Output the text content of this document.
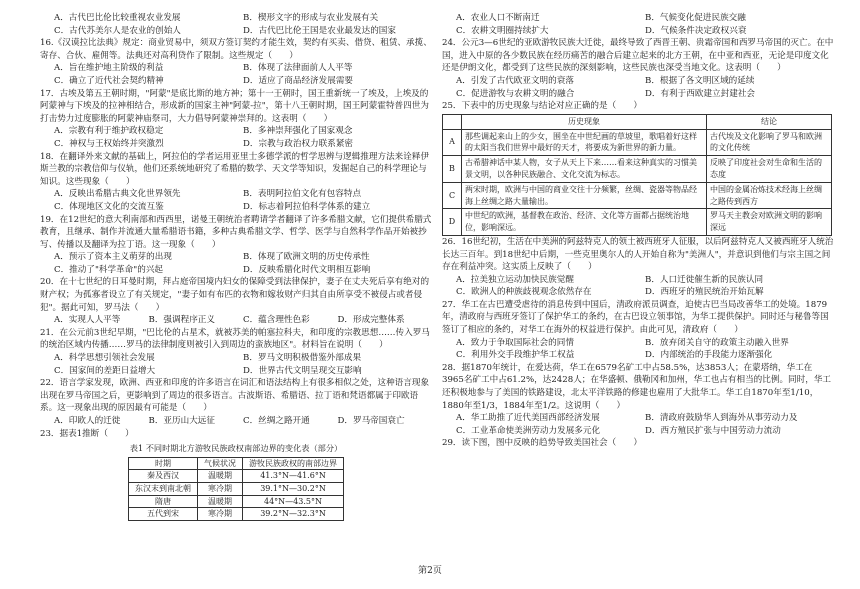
A．古代巴比伦比较重视农业发展	B．楔形文字的形成与农业发展有关
C．古代苏美尔人是农业的创始人	D．古代巴比伦王国是农业最发达的国家

16.《汉谟拉比法典》规定：商业贸易中，须双方签订契约才能生效，契约有买卖、借贷、租赁、承揽、寄存、合伙、雇佣等。法典还对高利贷作了限制。这些规定（　　）

A．旨在维护地主阶级的利益	B．体现了法律面前人人平等
C．确立了近代社会契约精神	D．适应了商品经济发展需要

17．古埃及第五王朝时期，"阿蒙"是底比斯的地方神；第十一王朝时，国王重新统一了埃及，上埃及的阿蒙神与下埃及的拉神相结合，形成新的国家主神"阿蒙-拉"，第十八王朝时期，国王阿蒙霍特普四世为打击势力过度膨胀的阿蒙神庙祭司，大力倡导阿蒙神崇拜的。这表明（　　）

A．宗教有利于维护政权稳定	B．多神崇拜强化了国家观念
C．神权与王权始终并突激烈	D．宗教与政治权力联系紧密

18．在翻译外来文献的基础上，阿拉伯的学者运用亚里士多德学派的哲学思辨与逻辑推理方法来诠释伊斯兰教的宗教信仰与仪轨，他们还系统地研究了希腊的数学、天文学等知识，发掘起自己的科学理论与知识。这些现象（　　）

A．反映出希腊古典文化世界领先	B．表明阿拉伯文化有包容特点
C．体现地区文化的交流互鉴	D．标志着阿拉伯科学体系的建立

19．在12世纪的意大利南部和西西里，诺曼王朝统治者聘请学者翻译了许多希腊文献，它们提供希腊式教育，且继承、制作并流通大量希腊语书籍，多种古典希腊文学、哲学、医学与自然科学作品开始被抄写、传播以及翻译为拉丁语。这一现象（　　）

A．预示了资本主义萌芽的出现	B．体现了欧洲文明的历史传承性
C．推动了"科学革命"的兴起	D．反映希腊化时代文明相互影响

20．在十七世纪的日耳曼时期，拜占庭帝国境内妇女的保障受到法律保护，妻子在丈夫死后享有绝对的财产权；为孤寡者设立了有关规定，"妻子如有布匹的衣物和嫁妆财产归其自由所享受不被侵占或者侵犯"。据此可知，罗马法（　　）

A．实现人人平等	B．强调程序正义	C．蕴含理性色彩	D．形成完整体系

21．在公元前3世纪早期，"巴比伦的占星术，就被苏美的帕塞拉科夫，和印度的宗教思想……传入罗马的统治区域内传播……罗马的法律制度则被引入到周边的蛮族地区"。材料旨在说明（　　）

A．科学思想引领社会发展	B．罗马文明积极借鉴外部成果
C．国家间的差距日益增大	D．世界古代文明呈现交互影响

22．语言学家发现，欧洲、西亚和印度的许多语言在词汇和语法结构上有很多相似之处，这种语言现象出现在罗马帝国之后，更影响到了周边的很多语言。古波斯语、希腊语、拉丁语和梵语都属于印欧语系。这一现象出现的原因最有可能是（　　）

A．印欧人的迁徙	B．亚历山大远征	C．丝绸之路开通	D．罗马帝国衰亡

23．据表1推断（　　）

表1 不同时期北方游牧民族政权南部边界的变化表（部分）
时期	气候状况	游牧民族政权的南部边界
秦及西汉	温暖期	41.3°N—41.6°N
东汉末到南北朝	寒冷期	39.1°N—30.2°N
隋唐	温暖期	44°N—43.5°N
五代到宋	寒冷期	39.2°N—32.3°N
A．农业人口不断南迁	B．气候变化促进民族交融
C．农耕文明圈持续扩大	D．气候条件决定政权兴衰

24．公元3—6世纪的亚欧游牧民族大迁徙，最终导致了西晋王朝、贵霜帝国和西罗马帝国的灭亡。在中国，进入中原的各少数民族在经历痛苦的融合后建立起来的北方王朝，在中亚和西亚，无论是印度文化还是伊朗文化，都受到了这些民族的深刻影响，这些民族也深受当地文化。这表明（　　）

A．引发了古代欧亚文明的衰落	B．根据了各文明区域的延续
C．促进游牧与农耕文明的融合	D．有利于西欧建立封建社会

25．下表中的历史现象与结论对应正确的是（　　）

	历史现象	结论
A	那些调起来山上的少女，围坐在中世纪画的草坡里，歌唱着好这样的太阳当我们世界中最好的天才，将要成为新世界的新力量。	古代埃及文化影响了罗马和欧洲的文化传统
B	古希腊神话中某人物，女子从天上下来……看来这种真实的习惯美景文明，以各种民族融合、文化交流为标志。	反映了印度社会对生命和生活的态度
C	两宋时期，欧洲与中国的商业交往十分频繁，丝绸、瓷器等物品经海上丝绸之路大量输出。	中国的金属冶炼技术经海上丝绸之路传到西方
D	中世纪的欧洲，基督教在政治、经济、文化等方面都占据统治地位，影响深远。	罗马天主教会对欧洲文明的影响深远

26．16世纪初，生活在中美洲的阿兹特克人的领土被西班牙人征服，以后阿兹特克人又被西班牙人统治长达三百年。到18世纪中后期，一些克里奥尔人的人开始自称为"美洲人"，并意识到他们与宗主国之间存在利益冲突。这实质上反映了（　　）

A．拉美独立运动加快民族觉醒	B．人口迁徙催生新的民族认同
C．欧洲人的种族歧视观念依然存在	D．西班牙的殖民统治开始瓦解

27．华工在古巴遭受虐待的消息传到中国后，清政府派员调查，迫使古巴当局改善华工的处境。1879年，清政府与西班牙签订了保护华工的条约，在古巴设立领事馆，为华工提供保护。同时还与秘鲁等国签订了相应的条约，对华工在海外的权益进行保护。由此可见，清政府（　　）

A．致力于争取国际社会的同情	B．放弃闭关自守的政策主动融入世界
C．利用外交手段维护华工权益	D．内部统治的手段能力逐渐强化

28．据1870年统计，在爱达荷，华工在6579名矿工中占58.5%，达3853人；在蒙塔纳，华工在3965名矿工中占61.2%，达2428人；在华盛顿、俄勒冈和加州，华工也占有相当的比例。同时，华工还积极地参与了美国的铁路建设，北太平洋铁路的修建也雇用了大批华工。华工自1870年至1/10，1880年至1/3，1884年至1/2。这说明（　　）

A．华工助推了近代美国西部经济发展	B．清政府鼓励华人到海外从事劳动力及
C．工业革命使美洲劳动力发展多元化	D．西方殖民扩张与中国劳动力流动

29．读下图，图中反映的趋势导致美国社会（　　）

第2页
